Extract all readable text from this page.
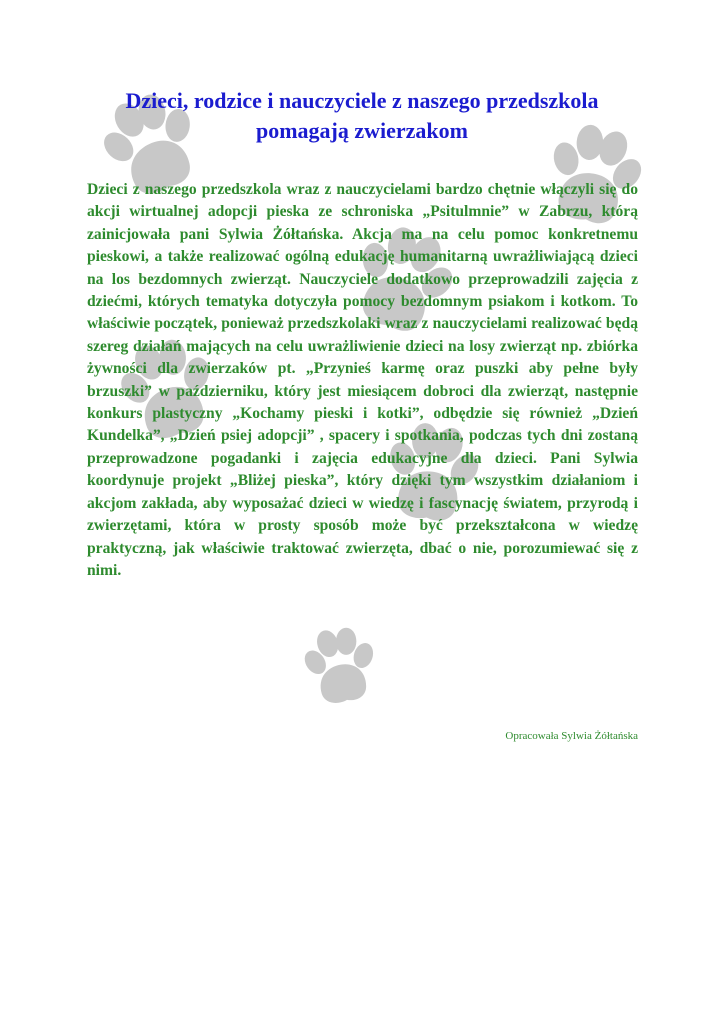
Dzieci, rodzice i nauczyciele z naszego przedszkola pomagają zwierzakom

Dzieci z naszego przedszkola wraz z nauczycielami bardzo chętnie włączyli się do akcji wirtualnej adopcji pieska ze schroniska „Psitulmnie” w Zabrzu, którą zainicjowała pani Sylwia Żółtańska. Akcja ma na celu pomoc konkretnemu pieskowi, a także realizować ogólną edukację humanitarną uwrażliwiającą dzieci na los bezdomnych zwierząt. Nauczyciele dodatkowo przeprowadzili zajęcia z dziećmi, których tematyka dotyczyła pomocy bezdomnym psiakom i kotkom. To właściwie początek, ponieważ przedszkolaki wraz z nauczycielami realizować będą szereg działań mających na celu uwrażliwienie dzieci na losy zwierząt np. zbiórka żywności dla zwierzaków pt. „Przynieś karmę oraz puszki aby pełne były brzuszki” w październiku, który jest miesiącem dobroci dla zwierząt, następnie konkurs plastyczny „Kochamy pieski i kotki”, odbędzie się również „Dzień Kundelka”, „Dzień psiej adopcji” , spacery i spotkania, podczas tych dni zostaną przeprowadzone pogadanki i zajęcia edukacyjne dla dzieci. Pani Sylwia koordynuje projekt „Bliżej pieska”, który dzięki tym wszystkim działaniom i akcjom zakłada, aby wyposażać dzieci w wiedzę i fascynację światem, przyrodą i zwierzętami, która w prosty sposób może być przekształcona w wiedzę praktyczną, jak właściwie traktować zwierzęta, dbać o nie, porozumiewać się z nimi.

Opracowała Sylwia Żółtańska
